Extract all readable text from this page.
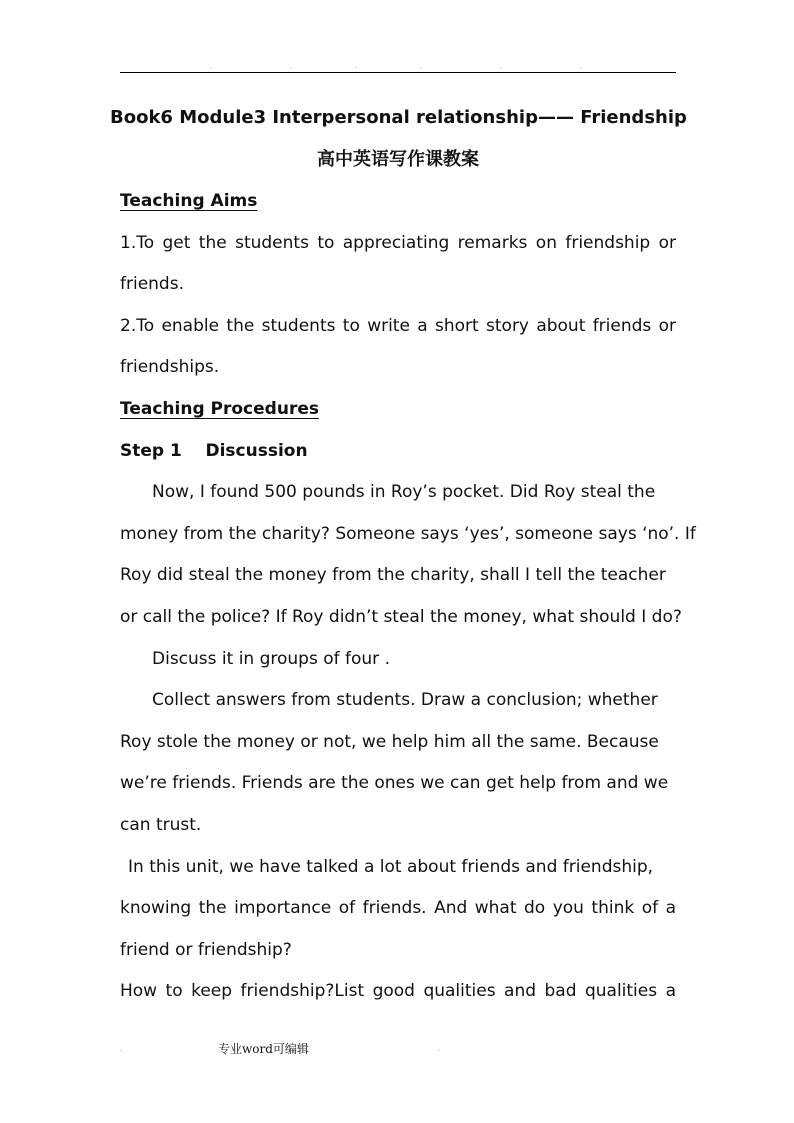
.	.	.	.	.	.
Book6 Module3 Interpersonal relationship—— Friendship
高中英语写作课教案
Teaching Aims
1.To get the students to appreciating remarks on friendship or
friends.
2.To enable the students to write a short story about friends or
friendships.
Teaching Procedures
Step 1    Discussion
Now, I found 500 pounds in Roy’s pocket. Did Roy steal the
money from the charity? Someone says ‘yes’, someone says ‘no’. If
Roy did steal the money from the charity, shall I tell the teacher
or call the police? If Roy didn’t steal the money, what should I do?
Discuss it in groups of four .
Collect answers from students. Draw a conclusion; whether
Roy stole the money or not, we help him all the same. Because
we’re friends. Friends are the ones we can get help from and we
can trust.
In this unit, we have talked a lot about friends and friendship,
knowing the importance of friends. And what do you think of a
friend or friendship?
How to keep friendship?List good qualities and bad qualities a
.	专业word可编辑	.
